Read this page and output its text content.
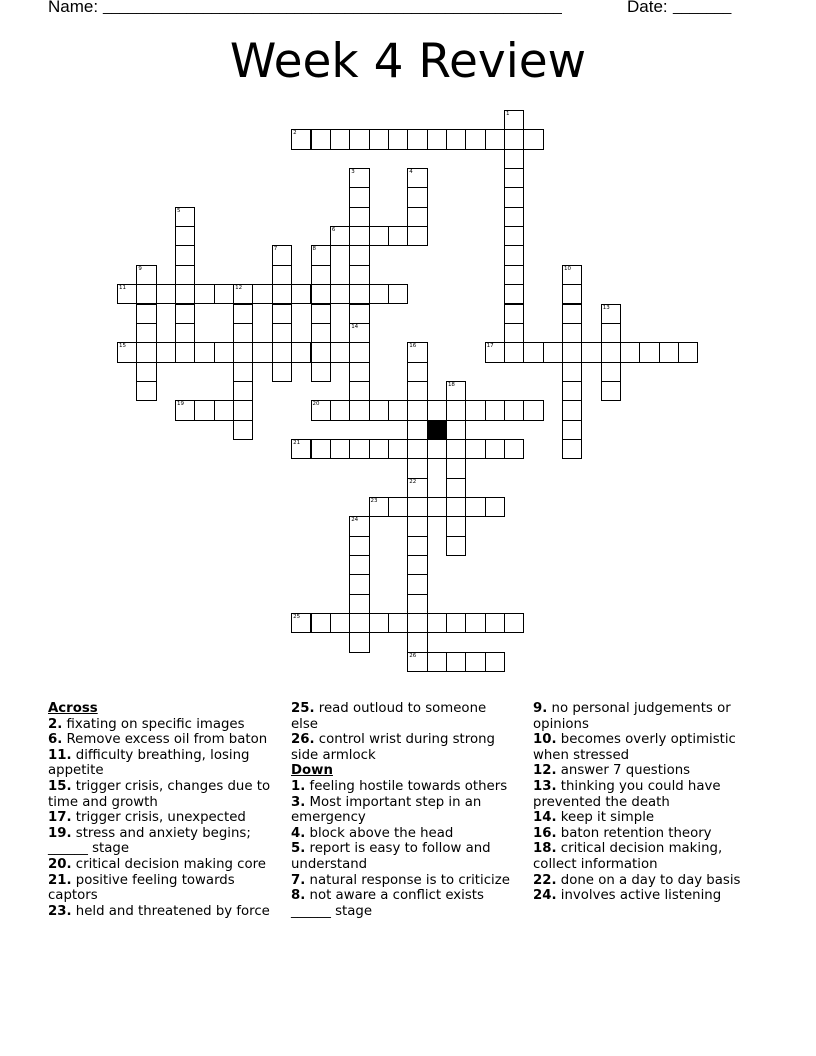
Name: _______________________________________________________	Date: _______
Week 4 Review
1
2
3
14
4
5
6
7	8
9	10
11	12
13
15	16
22
17
18
19	20
21
26
23
24
25
Across
2. fixating on specific images
6. Remove excess oil from baton
11. difficulty breathing, losing appetite
15. trigger crisis, changes due to time and growth
17. trigger crisis, unexpected
19. stress and anxiety begins; ______ stage
20. critical decision making core
21. positive feeling towards captors
23. held and threatened by force
25. read outloud to someone else
26. control wrist during strong side armlock
Down
1. feeling hostile towards others
3. Most important step in an emergency
4. block above the head
5. report is easy to follow and understand
7. natural response is to criticize
8. not aware a conflict exists ______ stage
9. no personal judgements or opinions
10. becomes overly optimistic when stressed
12. answer 7 questions
13. thinking you could have prevented the death
14. keep it simple
16. baton retention theory
18. critical decision making, collect information
22. done on a day to day basis
24. involves active listening
